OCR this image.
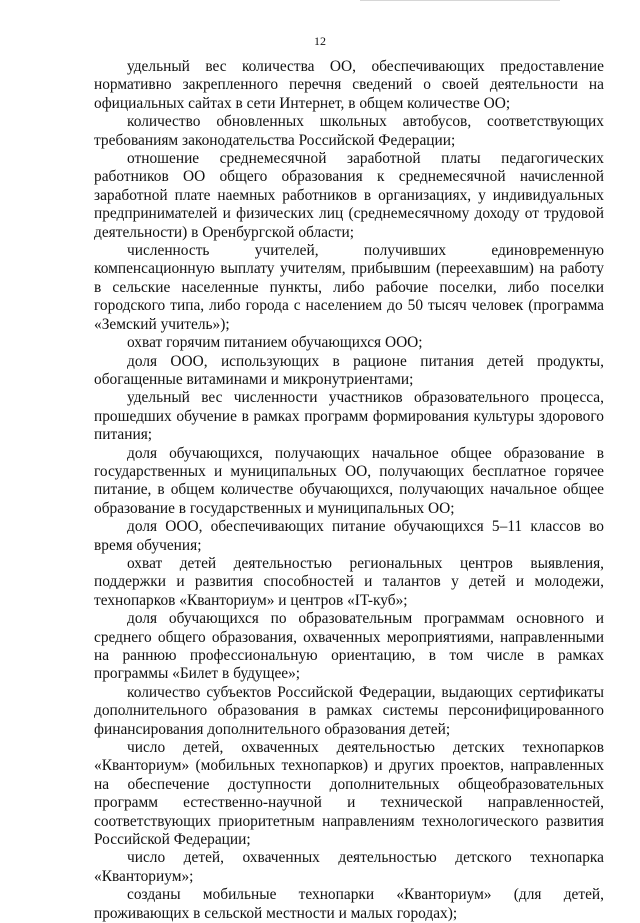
12

удельный вес количества ОО, обеспечивающих предоставление нормативно закрепленного перечня сведений о своей деятельности на официальных сайтах в сети Интернет, в общем количестве ОО;

количество обновленных школьных автобусов, соответствующих требованиям законодательства Российской Федерации;

отношение среднемесячной заработной платы педагогических работников ОО общего образования к среднемесячной начисленной заработной плате наемных работников в организациях, у индивидуальных предпринимателей и физических лиц (среднемесячному доходу от трудовой деятельности) в Оренбургской области;

численность учителей, получивших единовременную компенсационную выплату учителям, прибывшим (переехавшим) на работу в сельские населенные пункты, либо рабочие поселки, либо поселки городского типа, либо города с населением до 50 тысяч человек (программа «Земский учитель»);

охват горячим питанием обучающихся ООО;

доля ООО, использующих в рационе питания детей продукты, обогащенные витаминами и микронутриентами;

удельный вес численности участников образовательного процесса, прошедших обучение в рамках программ формирования культуры здорового питания;

доля обучающихся, получающих начальное общее образование в государственных и муниципальных ОО, получающих бесплатное горячее питание, в общем количестве обучающихся, получающих начальное общее образование в государственных и муниципальных ОО;

доля ООО, обеспечивающих питание обучающихся 5–11 классов во время обучения;

охват детей деятельностью региональных центров выявления, поддержки и развития способностей и талантов у детей и молодежи, технопарков «Кванториум» и центров «IT-куб»;

доля обучающихся по образовательным программам основного и среднего общего образования, охваченных мероприятиями, направленными на раннюю профессиональную ориентацию, в том числе в рамках программы «Билет в будущее»;

количество субъектов Российской Федерации, выдающих сертификаты дополнительного образования в рамках системы персонифицированного финансирования дополнительного образования детей;

число детей, охваченных деятельностью детских технопарков «Кванториум» (мобильных технопарков) и других проектов, направленных на обеспечение доступности дополнительных общеобразовательных программ естественно-научной и технической направленностей, соответствующих приоритетным направлениям технологического развития Российской Федерации;

число детей, охваченных деятельностью детского технопарка «Кванториум»;

созданы мобильные технопарки «Кванториум» (для детей, проживающих в сельской местности и малых городах);
